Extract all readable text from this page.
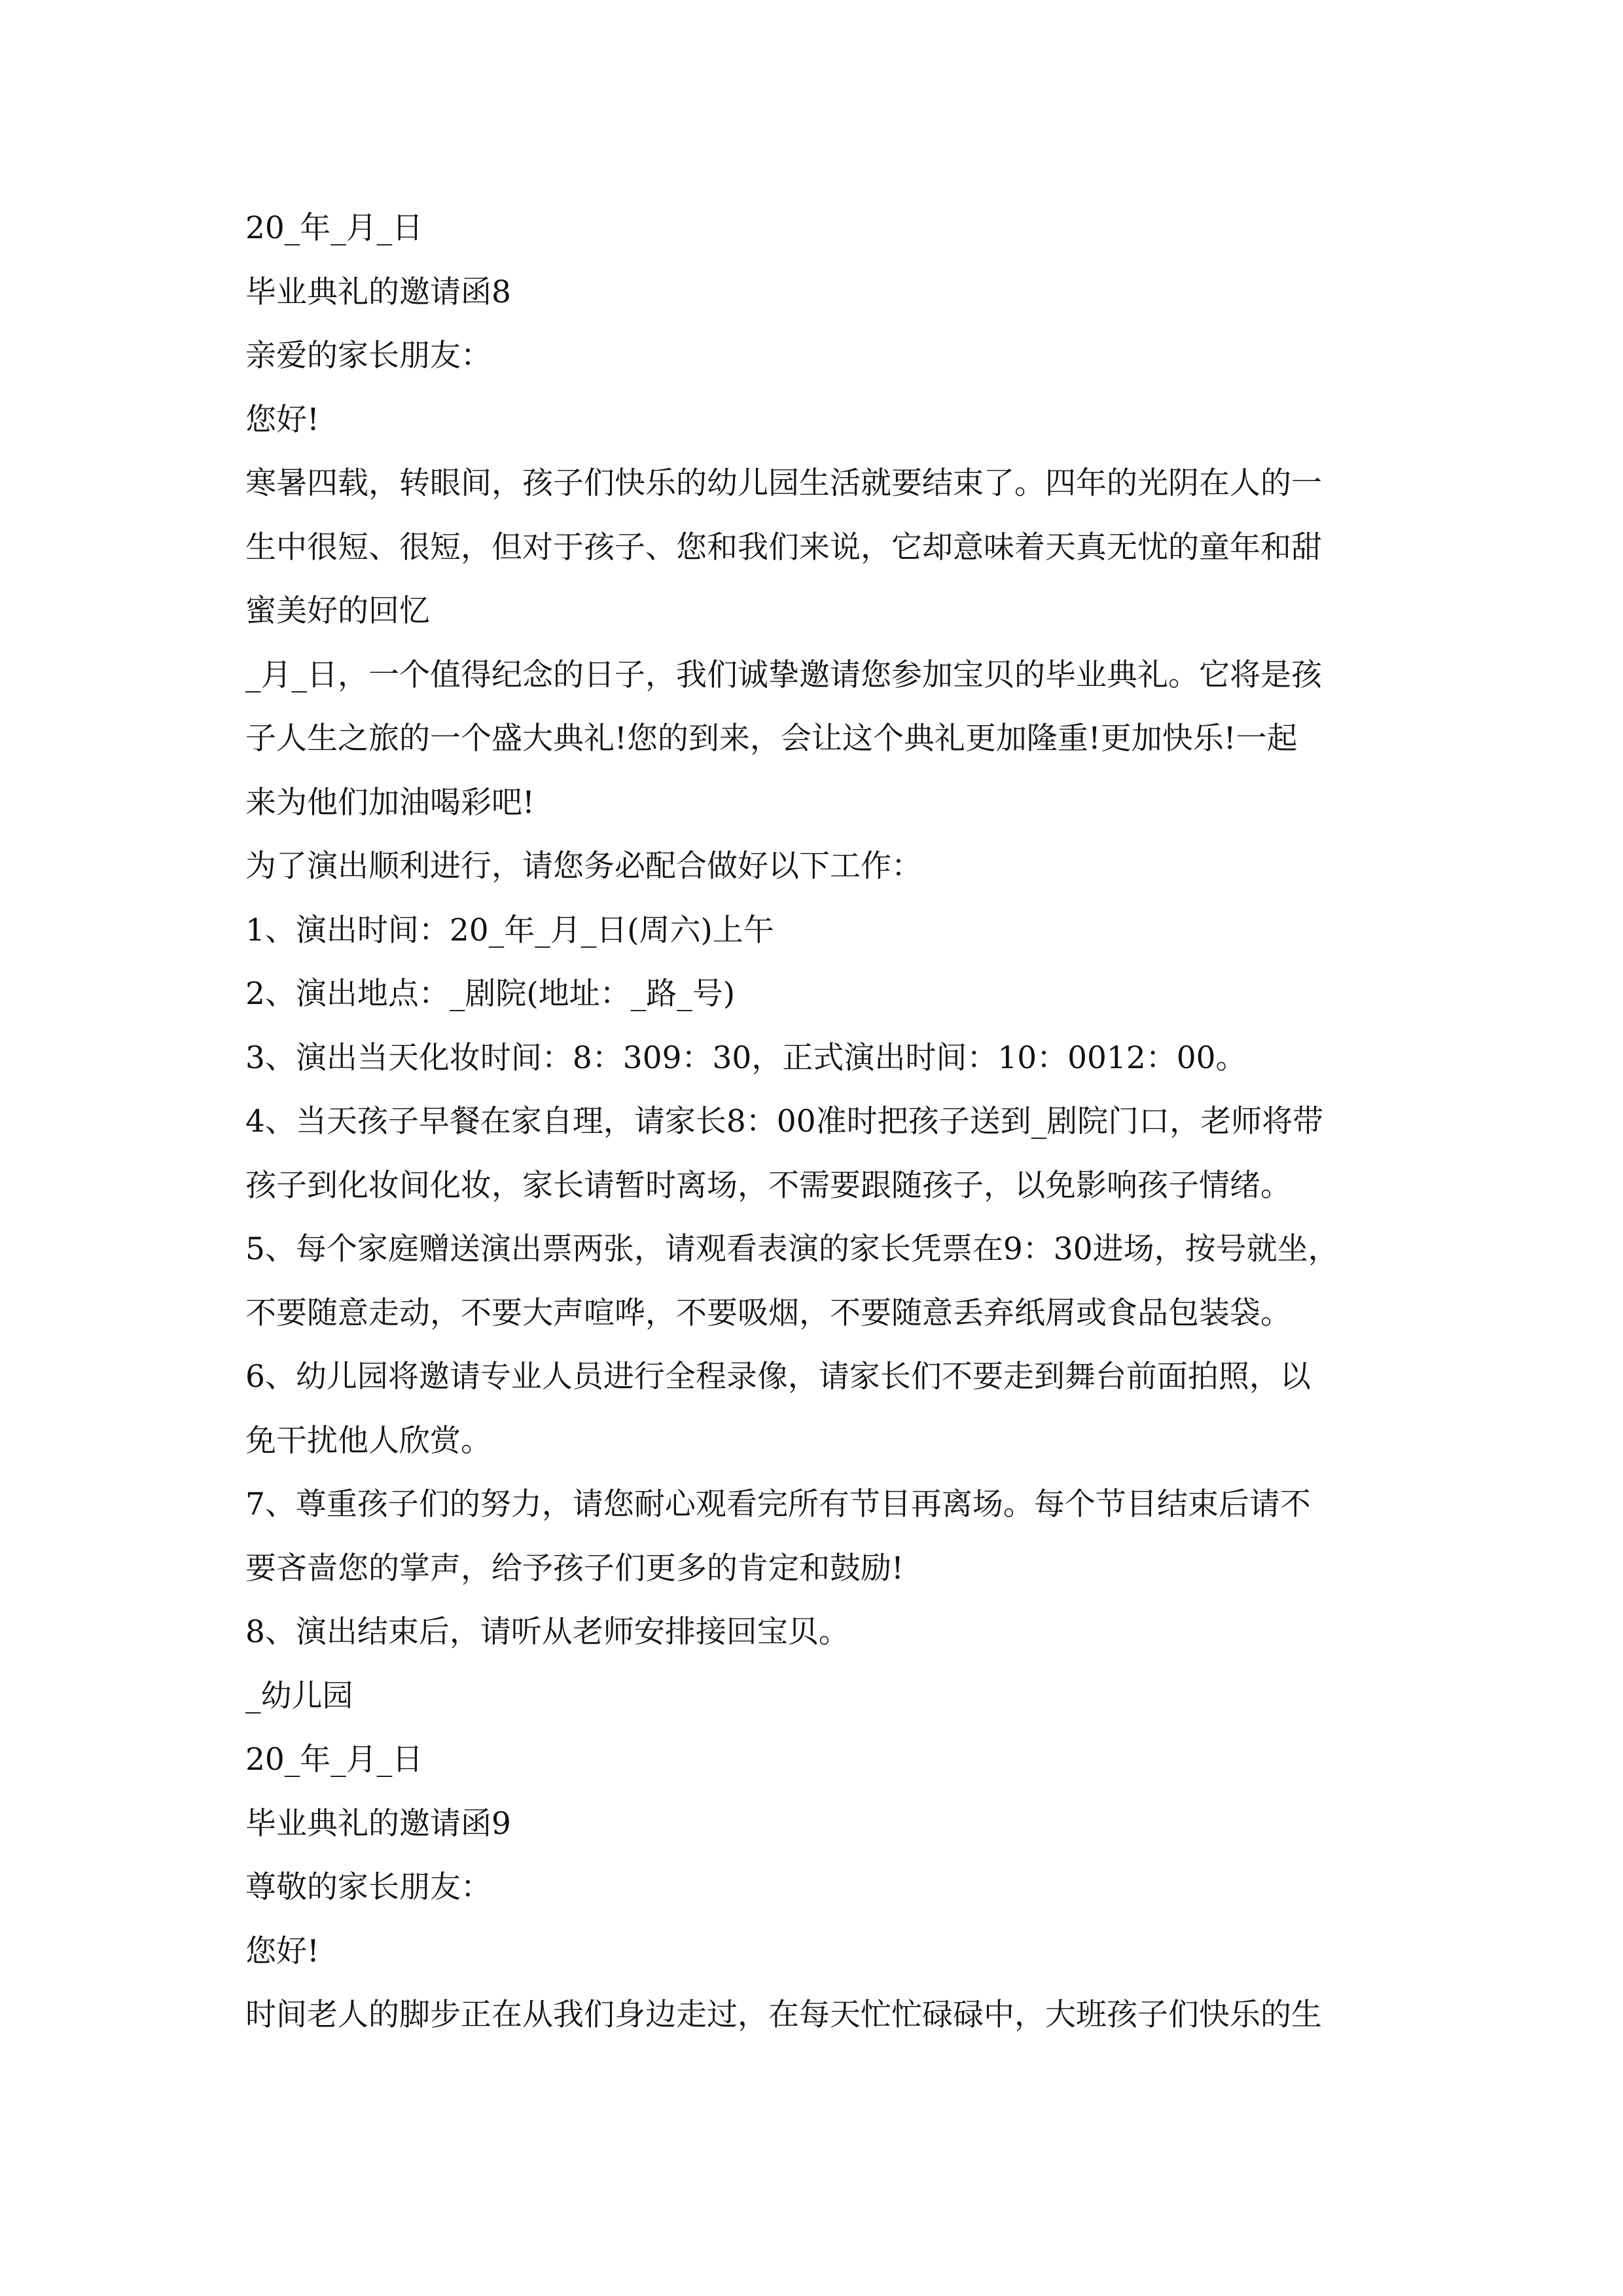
20_年_月_日
毕业典礼的邀请函8
亲爱的家长朋友：
您好!
寒暑四载，转眼间，孩子们快乐的幼儿园生活就要结束了。四年的光阴在人的一
生中很短、很短，但对于孩子、您和我们来说，它却意味着天真无忧的童年和甜
蜜美好的回忆
_月_日，一个值得纪念的日子，我们诚挚邀请您参加宝贝的毕业典礼。它将是孩
子人生之旅的一个盛大典礼!您的到来，会让这个典礼更加隆重!更加快乐!一起
来为他们加油喝彩吧!
为了演出顺利进行，请您务必配合做好以下工作：
1、演出时间：20_年_月_日(周六)上午
2、演出地点：_剧院(地址：_路_号)
3、演出当天化妆时间：8：309：30，正式演出时间：10：0012：00。
4、当天孩子早餐在家自理，请家长8：00准时把孩子送到_剧院门口，老师将带
孩子到化妆间化妆，家长请暂时离场，不需要跟随孩子，以免影响孩子情绪。
5、每个家庭赠送演出票两张，请观看表演的家长凭票在9：30进场，按号就坐，
不要随意走动，不要大声喧哗，不要吸烟，不要随意丢弃纸屑或食品包装袋。
6、幼儿园将邀请专业人员进行全程录像，请家长们不要走到舞台前面拍照，以
免干扰他人欣赏。
7、尊重孩子们的努力，请您耐心观看完所有节目再离场。每个节目结束后请不
要吝啬您的掌声，给予孩子们更多的肯定和鼓励!
8、演出结束后，请听从老师安排接回宝贝。
_幼儿园
20_年_月_日
毕业典礼的邀请函9
尊敬的家长朋友：
您好!
时间老人的脚步正在从我们身边走过，在每天忙忙碌碌中，大班孩子们快乐的生
